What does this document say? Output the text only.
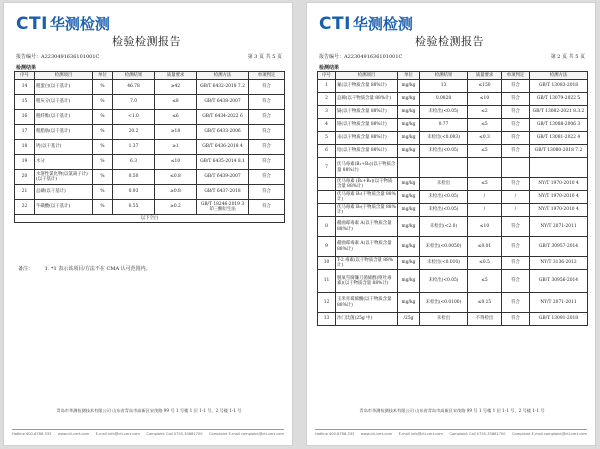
CTI 华测检测
检验检测报告
报告编号：A2230491636101001C	第 3 页 共 5 页
检测结果
序号	检测项目	单位	检测结果	质量要求	检测方法	单项判定
14	粗蛋白(以干基计)	%	46.78	≥42	GB/T 6432-2018 7.2	符合
15	粗灰分(以干基计)	%	7.0	≤8	GB/T 6438-2007	符合
16	粗纤维(以干基计)	%	<1.0	≤6	GB/T 6434-2022 6	符合
17	粗脂肪(以干基计)	%	20.2	≥18	GB/T 6433-2006	符合
18	钙(以干基计)	%	1.37	≥1	GB/T 6436-2018 4	符合
19	水分	%	6.3	≤10	GB/T 6435-2014 8.1	符合
20	水溶性氯化物(以氯离子计)(以干基计)	%	0.50	≤0.8	GB/T 6439-2007	符合
21	总磷(以干基计)	%	0.93	≥0.8	GB/T 6437-2018	符合
22	牛磺酸(以干基计)	%	0.55	≥0.2	GB/T 18246-2019 3 茚三酮衍生法	符合
以下空白						
备注： 1. *1 表示该项目/方法不在 CMA 认可范围内。
青岛市华测检测技术有限公司 山东省青岛市高新区宋茂路 99 号 1 号楼 1 层 1-1 号、2 号楼 1-1 号
Hotline 400-6788-333 www.cti-cert.com E-mail info@cti-cert.com Complaint Call 0755-33681700 Complaint E-mail complaint@cti-cert.com
CTI 华测检测
检验检测报告
报告编号：A2230491636101001C	第 2 页 共 5 页
检测结果
序号	检测项目	单位	检测结果	质量要求	单项判定	检测方法
1	氟(以干物质含量 88%计)	mg/kg	13	≤150	符合	GB/T 13083-2018
2	总砷(以干物质含量 88%计)	mg/kg	0.0828	≤10	符合	GB/T 13079-2022 5
3	镉(以干物质含量 88%计)	mg/kg	未检出(<0.05)	≤2	符合	GB/T 13082-2021 8.3.2
4	铬(以干物质含量 88%计)	mg/kg	0.77	≤5	符合	GB/T 13088-2006 3
5	汞(以干物质含量 88%计)	mg/kg	未检出(<0.003)	≤0.3	符合	GB/T 13081-2022 4
6	铅(以干物质含量 88%计)	mg/kg	未检出(<0.05)	≤5	符合	GB/T 13080-2018 7.2
7	伏马毒素(B₁+B₂)(以干物质含量 88%计)					
	伏马毒素 (B₁+B₂)(以干物质含量 88%计)	mg/kg	未检出	≤5	符合	NY/T 1970-2010 4
	伏马毒素 B₁(干物质含量 88%计)	mg/kg	未检出(<0.05)	/	/	NY/T 1970-2010 4
	伏马毒素 B₂(干物质含量 88%计)	mg/kg	未检出(<0.05)	/	/	NY/T 1970-2010 4
8	赭曲霉毒素 A(以干物质含量 88%计)	mg/kg	未检出(<2.0)	≤10	符合	NY/T 2071-2011
9	赭曲霉毒素 A(以干物质含量 88%计)	mg/kg	未检出(<0.0050)	≤0.01	符合	GB/T 30957-2014
10	T-2 毒素(以干物质含量 88%计)	mg/kg	未检出(<0.010)	≤0.5	符合	NY/T 3136-2012
11	脱氧雪腐镰刀菌烯醇(呕吐毒素)(以干物质含量 88%计)	mg/kg	未检出(<0.05)	≤5	符合	GB/T 30956-2014
12	玉米赤霉烯酮(以干物质含量 88%计)	mg/kg	未检出(<0.0100)	≤0.15	符合	NY/T 2071-2011
13	沙门氏菌(25g 中)	/25g	未检出	不得检出	符合	GB/T 13091-2018
青岛市华测检测技术有限公司 山东省青岛市高新区宋茂路 99 号 1 号楼 1 层 1-1 号、2 号楼 1-1 号
Hotline 400-6788-333 www.cti-cert.com E-mail info@cti-cert.com Complaint Call 0755-33681700 Complaint E-mail complaint@cti-cert.com
